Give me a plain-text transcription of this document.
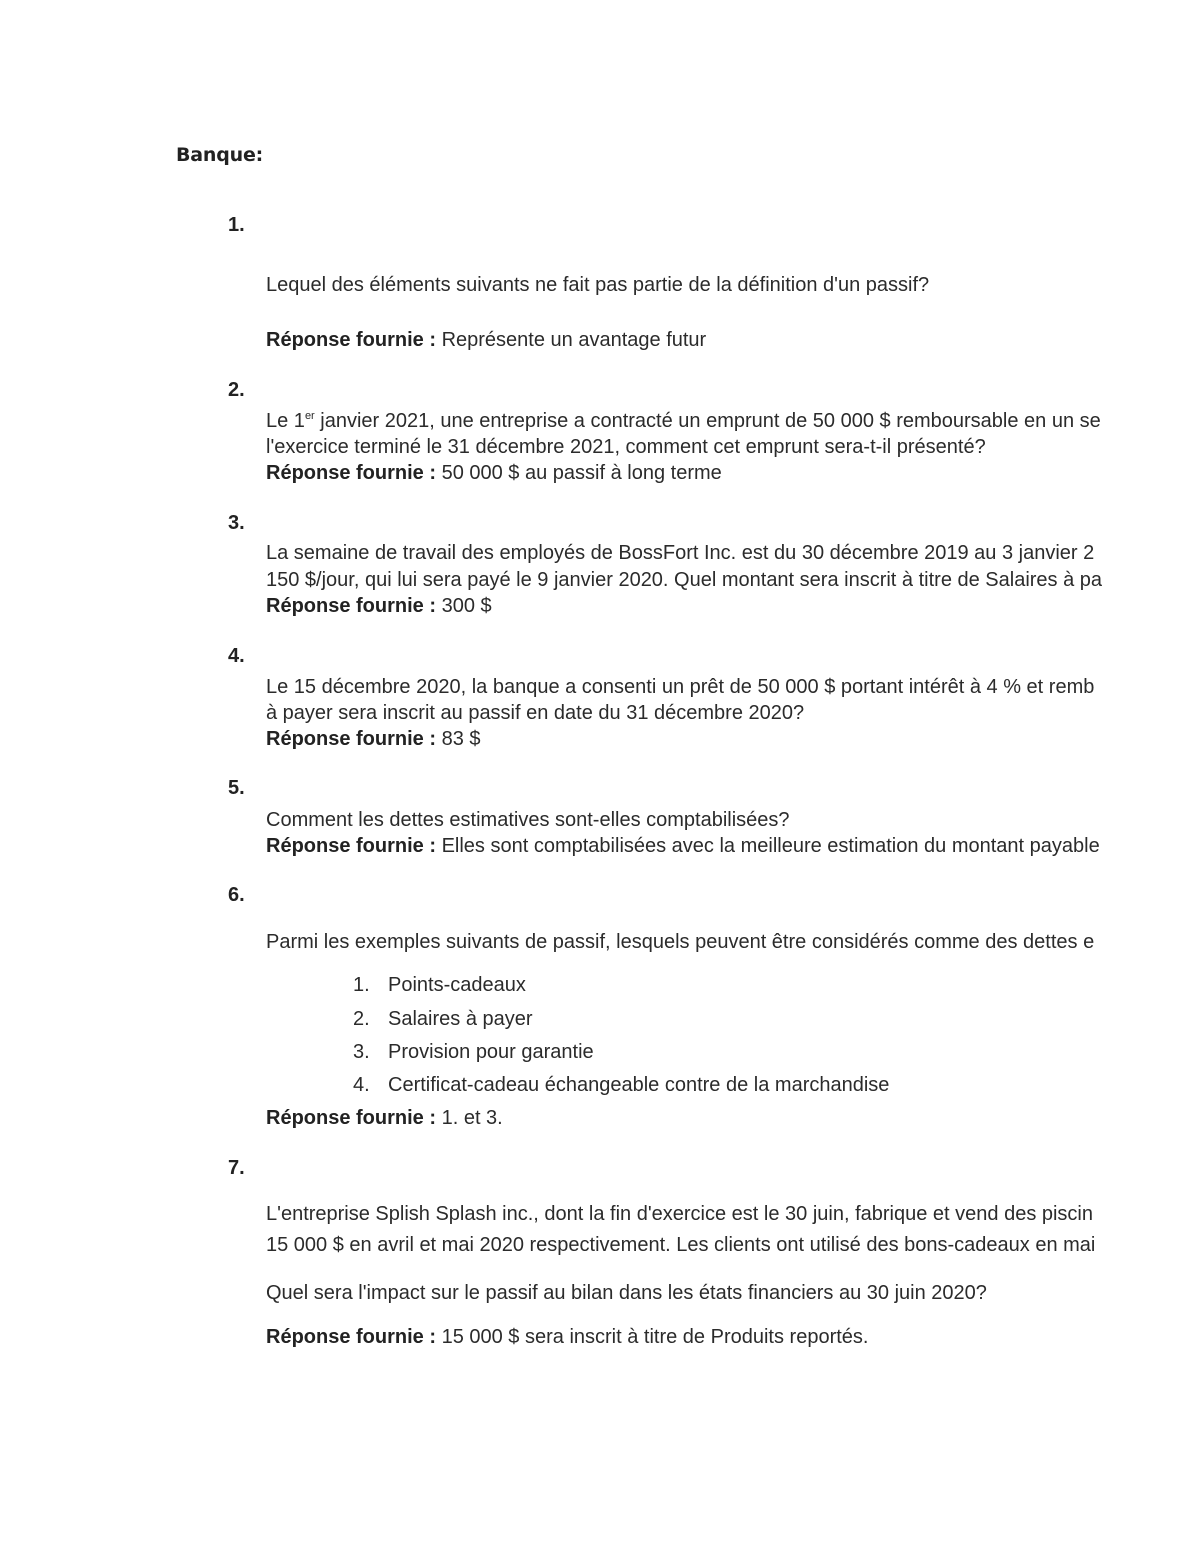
Banque:
1.
Lequel des éléments suivants ne fait pas partie de la définition d'un passif?
Réponse fournie : Représente un avantage futur
2.
Le 1er janvier 2021, une entreprise a contracté un emprunt de 50 000 $ remboursable en un se
l'exercice terminé le 31 décembre 2021, comment cet emprunt sera-t-il présenté?
Réponse fournie : 50 000 $ au passif à long terme
3.
La semaine de travail des employés de BossFort Inc. est du 30 décembre 2019 au 3 janvier 2
150 $/jour, qui lui sera payé le 9 janvier 2020. Quel montant sera inscrit à titre de Salaires à pa
Réponse fournie : 300 $
4.
Le 15 décembre 2020, la banque a consenti un prêt de 50 000 $ portant intérêt à 4 % et remb
à payer sera inscrit au passif en date du 31 décembre 2020?
Réponse fournie : 83 $
5.
Comment les dettes estimatives sont-elles comptabilisées?
Réponse fournie : Elles sont comptabilisées avec la meilleure estimation du montant payable
6.
Parmi les exemples suivants de passif, lesquels peuvent être considérés comme des dettes e
1. Points-cadeaux
2. Salaires à payer
3. Provision pour garantie
4. Certificat-cadeau échangeable contre de la marchandise
Réponse fournie : 1. et 3.
7.
L'entreprise Splish Splash inc., dont la fin d'exercice est le 30 juin, fabrique et vend des piscin
15 000 $ en avril et mai 2020 respectivement. Les clients ont utilisé des bons-cadeaux en mai
Quel sera l'impact sur le passif au bilan dans les états financiers au 30 juin 2020?
Réponse fournie : 15 000 $ sera inscrit à titre de Produits reportés.
